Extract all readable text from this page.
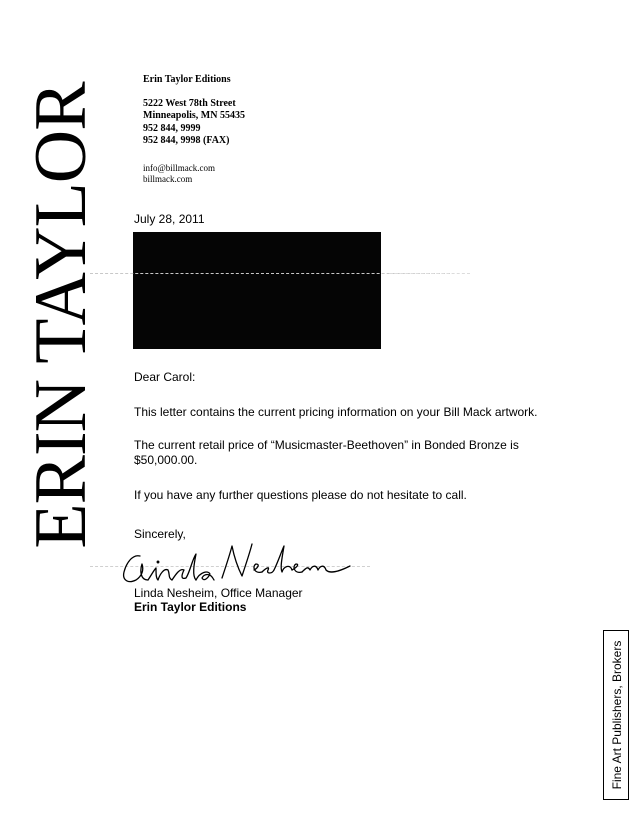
ERIN TAYLOR
Erin Taylor Editions
5222 West 78th Street
Minneapolis, MN 55435
952 844, 9999
952 844, 9998 (FAX)
info@billmack.com
billmack.com
July 28, 2011
Dear Carol:
This letter contains the current pricing information on your Bill Mack artwork.
The current retail price of “Musicmaster-Beethoven” in Bonded Bronze is $50,000.00.
If you have any further questions please do not hesitate to call.
Sincerely,
Linda Nesheim, Office Manager
Erin Taylor Editions
Fine Art Publishers, Brokers
